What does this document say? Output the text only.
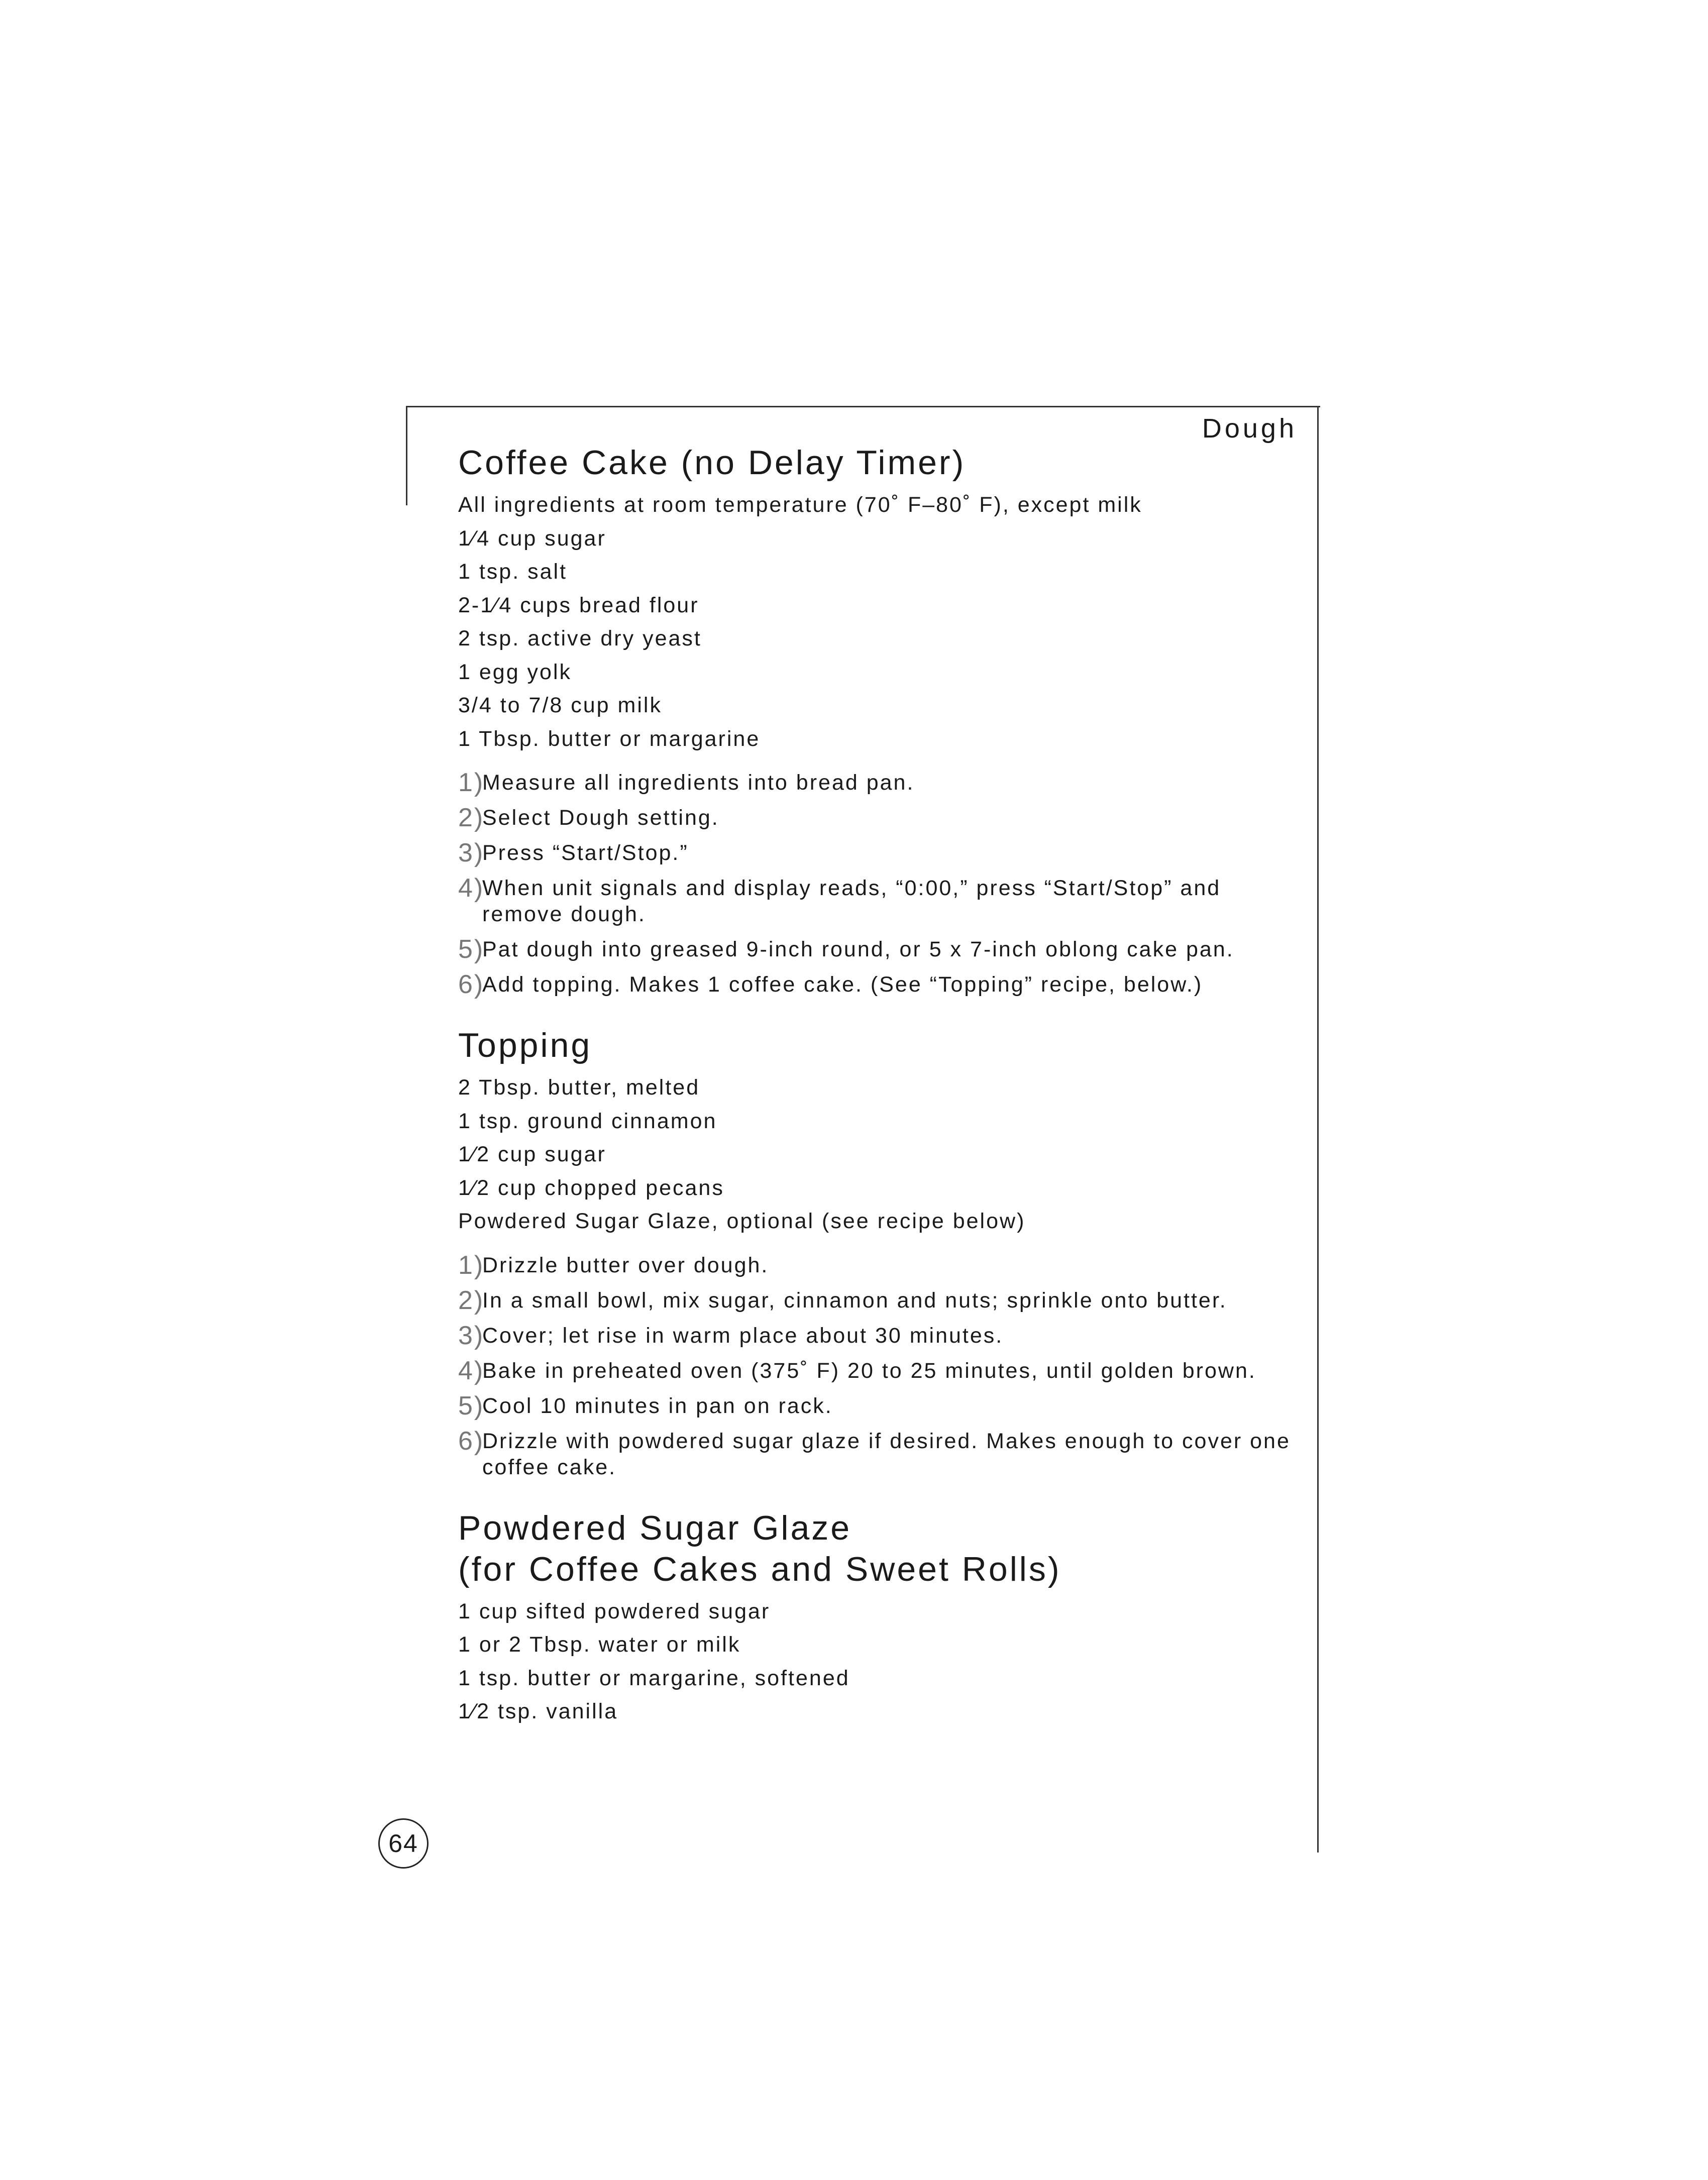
Dough

Coffee Cake (no Delay Timer)
All ingredients at room temperature (70˚ F–80˚ F), except milk
1⁄4 cup sugar
1 tsp. salt
2-1⁄4 cups bread flour
2 tsp. active dry yeast
1 egg yolk
3/4 to 7/8 cup milk
1 Tbsp. butter or margarine
1)
Measure all ingredients into bread pan.
2)
Select Dough setting.
3)
Press “Start/Stop.”
4)
When unit signals and display reads, “0:00,” press “Start/Stop” and remove dough.
5)
Pat dough into greased 9-inch round, or 5 x 7-inch oblong cake pan.
6)
Add topping. Makes 1 coffee cake. (See “Topping” recipe, below.)
Topping
2 Tbsp. butter, melted
1 tsp. ground cinnamon
1⁄2 cup sugar
1⁄2 cup chopped pecans
Powdered Sugar Glaze, optional (see recipe below)
1)
Drizzle butter over dough.
2)
In a small bowl, mix sugar, cinnamon and nuts; sprinkle onto butter.
3)
Cover; let rise in warm place about 30 minutes.
4)
Bake in preheated oven (375˚ F) 20 to 25 minutes, until golden brown.
5)
Cool 10 minutes in pan on rack.
6)
Drizzle with powdered sugar glaze if desired. Makes enough to cover one coffee cake.
Powdered Sugar Glaze
(for Coffee Cakes and Sweet Rolls)
1 cup sifted powdered sugar
1 or 2 Tbsp. water or milk
1 tsp. butter or margarine, softened
1⁄2 tsp. vanilla
64
